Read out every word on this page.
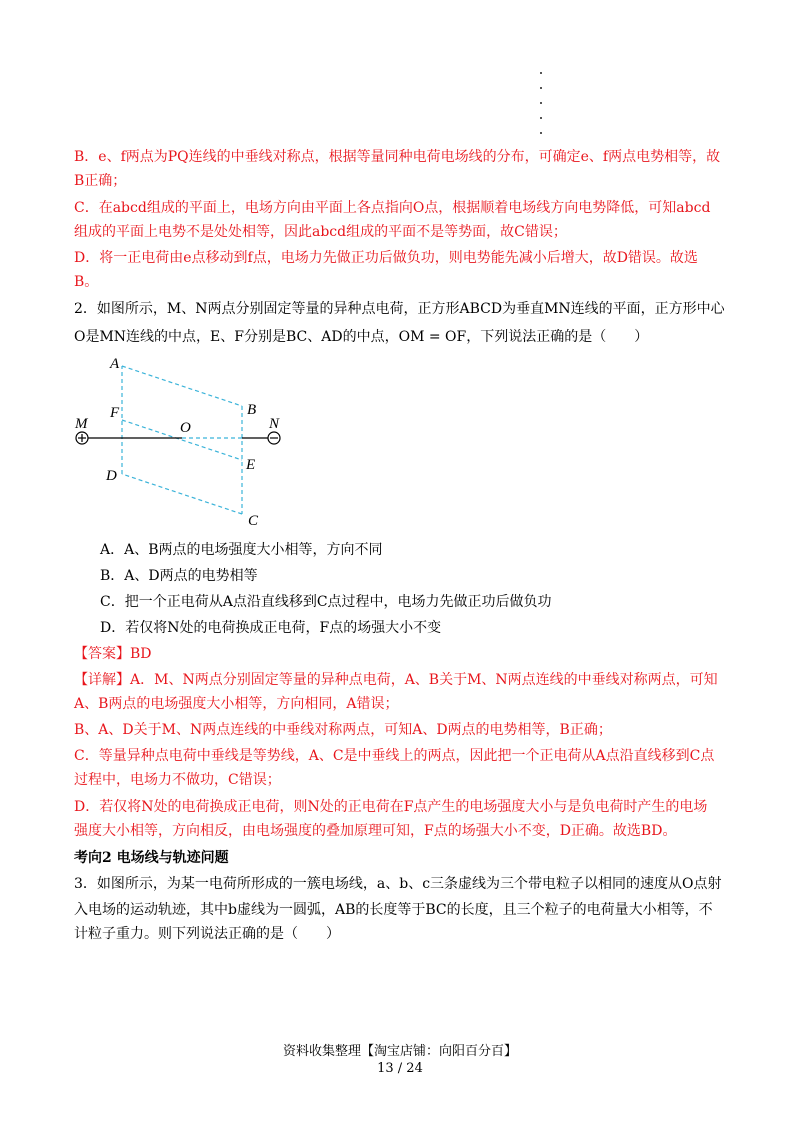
B．e、f两点为PQ连线的中垂线对称点，根据等量同种电荷电场线的分布，可确定e、f两点电势相等，故
B正确；
C．在abcd组成的平面上，电场方向由平面上各点指向O点，根据顺着电场线方向电势降低，可知abcd
组成的平面上电势不是处处相等，因此abcd组成的平面不是等势面，故C错误；
D．将一正电荷由e点移动到f点，电场力先做正功后做负功，则电势能先减小后增大，故D错误。故选
B。
2．如图所示，M、N两点分别固定等量的异种点电荷，正方形ABCD为垂直MN连线的平面，正方形中心
O是MN连线的中点，E、F分别是BC、AD的中点，OM = OF，下列说法正确的是（　　）
A
B
C
D
E
F
O
M	N
A．A、B两点的电场强度大小相等，方向不同
B．A、D两点的电势相等
C．把一个正电荷从A点沿直线移到C点过程中，电场力先做正功后做负功
D．若仅将N处的电荷换成正电荷，F点的场强大小不变
【答案】BD
【详解】A．M、N两点分别固定等量的异种点电荷，A、B关于M、N两点连线的中垂线对称两点，可知
A、B两点的电场强度大小相等，方向相同，A错误；
B、A、D关于M、N两点连线的中垂线对称两点，可知A、D两点的电势相等，B正确；
C．等量异种点电荷中垂线是等势线，A、C是中垂线上的两点，因此把一个正电荷从A点沿直线移到C点
过程中，电场力不做功，C错误；
D．若仅将N处的电荷换成正电荷，则N处的正电荷在F点产生的电场强度大小与是负电荷时产生的电场
强度大小相等，方向相反，由电场强度的叠加原理可知，F点的场强大小不变，D正确。故选BD。
考向2 电场线与轨迹问题
3．如图所示，为某一电荷所形成的一簇电场线，a、b、c三条虚线为三个带电粒子以相同的速度从O点射
入电场的运动轨迹，其中b虚线为一圆弧，AB的长度等于BC的长度，且三个粒子的电荷量大小相等，不
计粒子重力。则下列说法正确的是（　　）
资料收集整理【淘宝店铺：向阳百分百】
13 / 24
